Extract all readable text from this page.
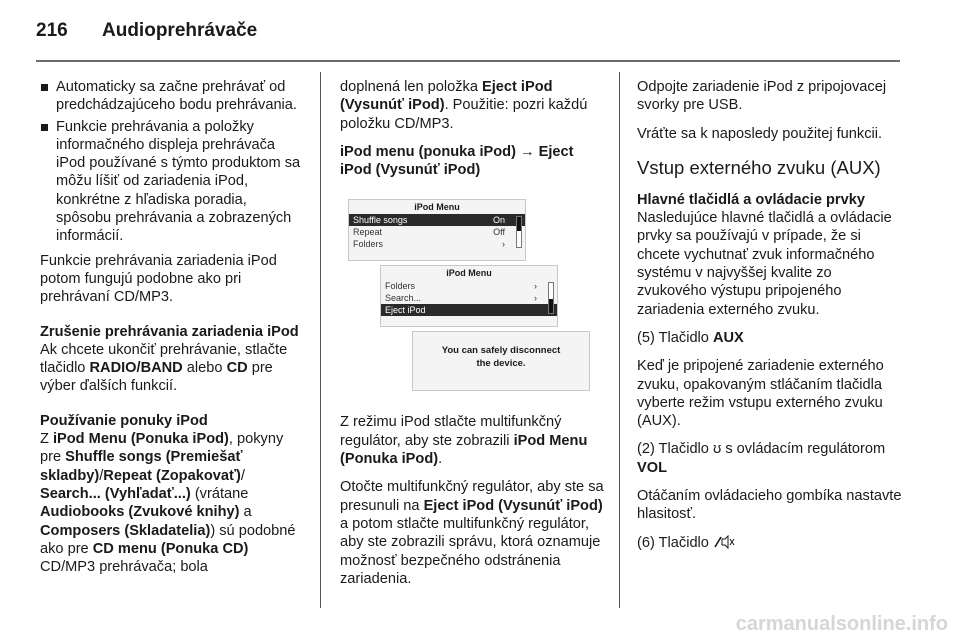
216	Audioprehrávače
Automaticky sa začne prehrávať od predchádzajúceho bodu prehrávania.
Funkcie prehrávania a položky informačného displeja prehrávača iPod používané s týmto produktom sa môžu líšiť od zariadenia iPod, konkrétne z hľadiska poradia, spôsobu prehrávania a zobrazených informácií.

Funkcie prehrávania zariadenia iPod potom fungujú podobne ako pri prehrávaní CD/MP3.

Zrušenie prehrávania zariadenia iPod

Ak chcete ukončiť prehrávanie, stlačte tlačidlo RADIO/BAND alebo CD pre výber ďalších funkcií.

Používanie ponuky iPod

Z iPod Menu (Ponuka iPod), pokyny pre Shuffle songs (Premiešať skladby)/Repeat (Zopakovať)/ Search... (Vyhľadať...) (vrátane Audiobooks (Zvukové knihy) a Composers (Skladatelia)) sú podobné ako pre CD menu (Ponuka CD) CD/MP3 prehrávača; bola

doplnená len položka Eject iPod (Vysunúť iPod). Použitie: pozri každú položku CD/MP3.

iPod menu (ponuka iPod) → Eject iPod (Vysunúť iPod)
iPod Menu
Shuffle songs	On
Repeat	Off
Folders	›
iPod Menu
Folders	›
Search...	›
Eject iPod
You can safely disconnect
the device.

Z režimu iPod stlačte multifunkčný regulátor, aby ste zobrazili iPod Menu (Ponuka iPod).

Otočte multifunkčný regulátor, aby ste sa presunuli na Eject iPod (Vysunúť iPod) a potom stlačte multifunkčný regulátor, aby ste zobrazili správu, ktorá oznamuje možnosť bezpečného odstránenia zariadenia.

Odpojte zariadenie iPod z pripojovacej svorky pre USB.

Vráťte sa k naposledy použitej funkcii.

Vstup externého zvuku (AUX)
Hlavné tlačidlá a ovládacie prvky

Nasledujúce hlavné tlačidlá a ovládacie prvky sa používajú v prípade, že si chcete vychutnať zvuk informačného systému v najvyššej kvalite zo zvukového výstupu pripojeného zariadenia externého zvuku.

(5) Tlačidlo AUX

Keď je pripojené zariadenie externého zvuku, opakovaným stláčaním tlačidla vyberte režim vstupu externého zvuku (AUX).

(2) Tlačidlo ʊ s ovládacím regulátorom VOL

Otáčaním ovládacieho gombíka nastavte hlasitosť.

(6) Tlačidlo

carmanualsonline.info
